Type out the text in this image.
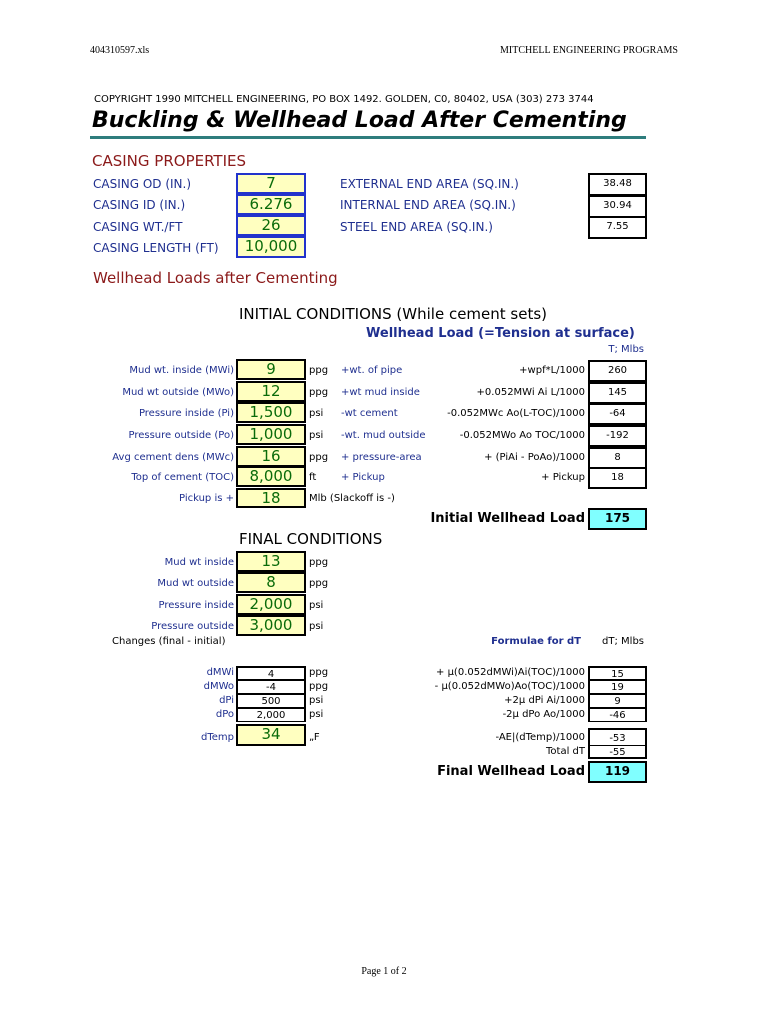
404310597.xls	MITCHELL ENGINEERING PROGRAMS
COPYRIGHT 1990 MITCHELL ENGINEERING, PO BOX 1492. GOLDEN, C0, 80402, USA (303) 273 3744
Buckling & Wellhead Load After Cementing
CASING PROPERTIES
CASING OD (IN.)	7
CASING ID (IN.)	6.276
CASING WT./FT	26
CASING LENGTH (FT)	10,000
EXTERNAL END AREA (SQ.IN.)	38.48
INTERNAL END AREA (SQ.IN.)	30.94
STEEL END AREA (SQ.IN.)	7.55
Wellhead Loads after Cementing
INITIAL CONDITIONS (While cement sets)
Wellhead Load (=Tension at surface)
T; Mlbs
Mud wt. inside (MWi)	9	ppg +wt. of pipe	+wpf*L/1000	260
Mud wt outside (MWo)	12	ppg +wt mud inside	+0.052MWi Ai L/1000	145
Pressure inside (Pi)	1,500	psi -wt cement	-0.052MWc Ao(L-TOC)/1000	-64
Pressure outside (Po)	1,000	psi -wt. mud outside	-0.052MWo Ao TOC/1000	-192
Avg cement dens (MWc)	16	ppg + pressure-area	+ (PiAi - PoAo)/1000	8
Top of cement (TOC)	8,000	ft + Pickup	+ Pickup	18
Pickup is +	18	Mlb (Slackoff is -)
Initial Wellhead Load	175
FINAL CONDITIONS
Mud wt inside	13	ppg
Mud wt outside	8	ppg
Pressure inside	2,000	psi
Pressure outside	3,000	psi
Changes (final - initial)	Formulae for dT dT; Mlbs
dMWi	4	ppg	+ μ(0.052dMWi)Ai(TOC)/1000	15
dMWo	-4	ppg	- μ(0.052dMWo)Ao(TOC)/1000	19
dPi	500	psi	+2μ dPi Ai/1000	9
dPo	2,000	psi	-2μ dPo Ao/1000	-46
dTemp	34	„F	-AE|(dTemp)/1000	-53
Total dT	-55
Final Wellhead Load	119
Page 1 of 2
